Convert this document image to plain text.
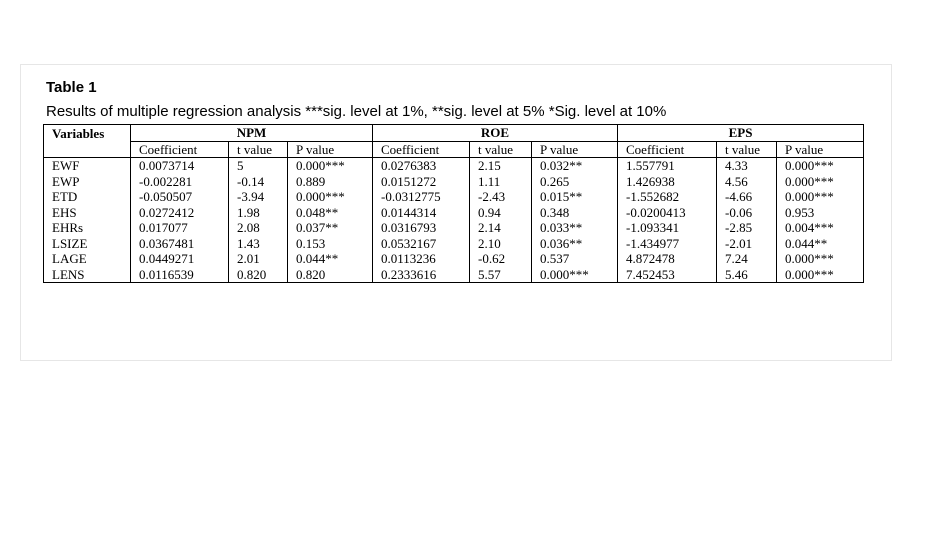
Table 1
Results of multiple regression analysis ***sig. level at 1%, **sig. level at 5% *Sig. level at 10%
Variables	NPM			ROE			EPS		
	Coefficient	t value	P value	Coefficient	t value	P value	Coefficient	t value	P value
EWF	0.0073714	5	0.000***	0.0276383	2.15	0.032**	1.557791	4.33	0.000***
EWP	-0.002281	-0.14	0.889	0.0151272	1.11	0.265	1.426938	4.56	0.000***
ETD	-0.050507	-3.94	0.000***	-0.0312775	-2.43	0.015**	-1.552682	-4.66	0.000***
EHS	0.0272412	1.98	0.048**	0.0144314	0.94	0.348	-0.0200413	-0.06	0.953
EHRs	0.017077	2.08	0.037**	0.0316793	2.14	0.033**	-1.093341	-2.85	0.004***
LSIZE	0.0367481	1.43	0.153	0.0532167	2.10	0.036**	-1.434977	-2.01	0.044**
LAGE	0.0449271	2.01	0.044**	0.0113236	-0.62	0.537	4.872478	7.24	0.000***
LENS	0.0116539	0.820	0.820	0.2333616	5.57	0.000***	7.452453	5.46	0.000***
